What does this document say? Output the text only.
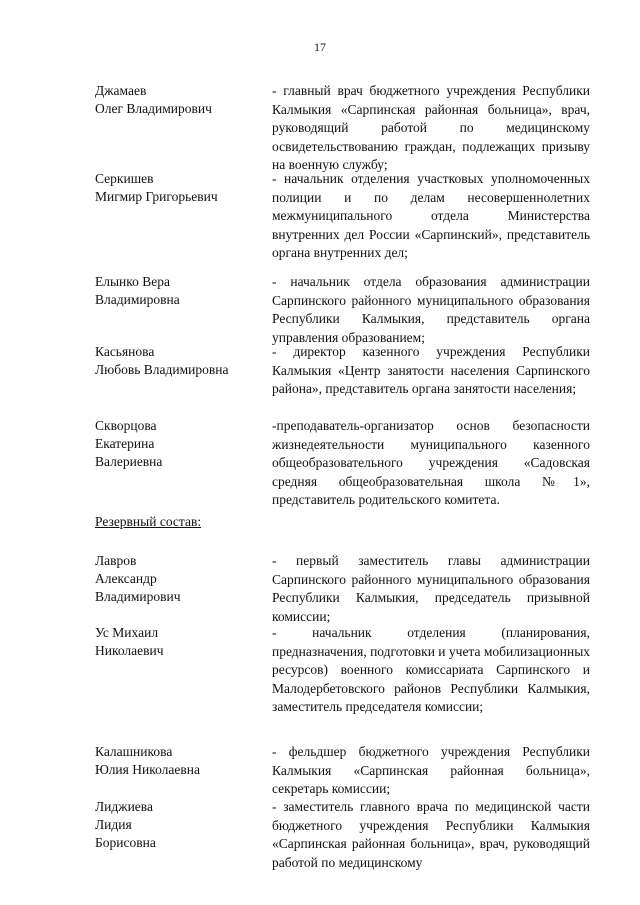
17
Джамаев
Олег Владимирович
- главный врач бюджетного учреждения Республики Калмыкия «Сарпинская районная больница», врач, руководящий работой по медицинскому освидетельствованию граждан, подлежащих призыву на военную службу;
Серкишев
Мигмир Григорьевич
- начальник отделения участковых уполномоченных полиции и по делам несовершеннолетних межмуниципального отдела Министерства внутренних дел России «Сарпинский», представитель органа внутренних дел;
Елынко Вера
Владимировна
- начальник отдела образования администрации Сарпинского районного муниципального образования Республики Калмыкия, представитель органа управления образованием;
Касьянова
Любовь Владимировна
- директор казенного учреждения Республики Калмыкия «Центр занятости населения Сарпинского района», представитель органа занятости населения;
Скворцова
Екатерина
Валериевна
-преподаватель-организатор основ безопасности жизнедеятельности муниципального казенного общеобразовательного учреждения «Садовская средняя общеобразовательная школа №1», представитель родительского комитета.
Резервный состав:
Лавров
Александр
Владимирович
- первый заместитель главы администрации Сарпинского районного муниципального образования Республики Калмыкия, председатель призывной комиссии;
Ус Михаил
Николаевич
- начальник отделения (планирования, предназначения, подготовки и учета мобилизационных ресурсов) военного комиссариата Сарпинского и Малодербетовского районов Республики Калмыкия, заместитель председателя комиссии;
Калашникова
Юлия Николаевна
- фельдшер бюджетного учреждения Республики Калмыкия «Сарпинская районная больница», секретарь комиссии;
Лиджиева
Лидия
Борисовна
- заместитель главного врача по медицинской части бюджетного учреждения Республики Калмыкия «Сарпинская районная больница», врач, руководящий работой по медицинскому
